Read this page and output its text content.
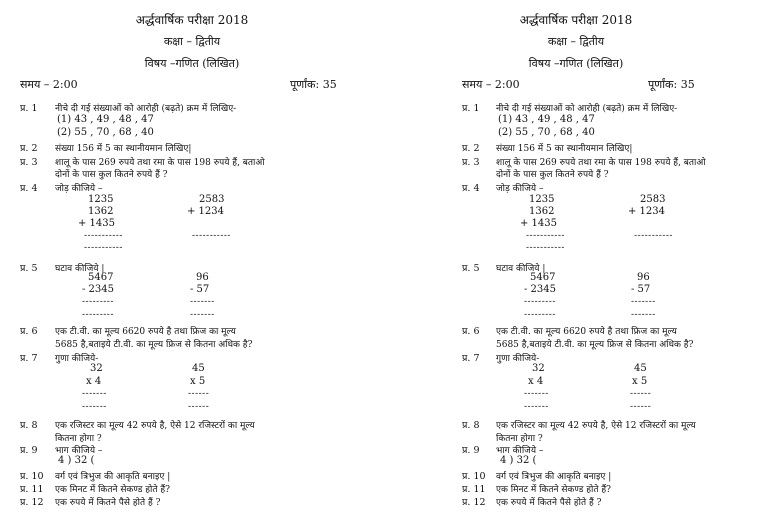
अर्द्धवार्षिक परीक्षा 2018
कक्षा – द्वितीय
विषय –गणित (लिखित)
समय – 2:00	पूर्णांक: 35
प्र. 1 नीचे दी गई संख्याओं को आरोही (बढ़ते) क्रम में लिखिए-
(1) 43 , 49 , 48 , 47
(2) 55 , 70 , 68 , 40
प्र. 2 संख्या 156 में 5 का स्थानीयमान लिखिए|
प्र. 3 शालू के पास 269 रुपये तथा रमा के पास 198 रुपये हैं, बताओ
दोनों के पास कुल कितने रुपये हैं ?
प्र. 4 जोड़ कीजिये –
1235
1362
+ 1435
-----------
-----------
2583
+ 1234
-----------
प्र. 5 घटाव कीजिये |
5467
- 2345
---------
---------
96
- 57
-------
-------
प्र. 6 एक टी.वी. का मूल्य 6620 रुपये है तथा फ्रिज का मूल्य
5685 है,बताइये टी.वी. का मूल्य फ्रिज से कितना अधिक है?
प्र. 7 गुणा कीजिये-
32
x 4
-------
-------
45
x 5
------
------
प्र. 8 एक रजिस्टर का मूल्य 42 रुपये है, ऐसे 12 रजिस्टरों का मूल्य
कितना होगा ?
प्र. 9 भाग कीजिये –
4 ) 32 (
प्र. 10 वर्ग एवं त्रिभुज की आकृति बनाइए |
प्र. 11 एक मिनट में कितने सेकण्ड होते हैं?
प्र. 12 एक रुपये में कितने पैसे होते हैं ?
अर्द्धवार्षिक परीक्षा 2018
कक्षा – द्वितीय
विषय –गणित (लिखित)
समय – 2:00	पूर्णांक: 35
प्र. 1 नीचे दी गई संख्याओं को आरोही (बढ़ते) क्रम में लिखिए-
(1) 43 , 49 , 48 , 47
(2) 55 , 70 , 68 , 40
प्र. 2 संख्या 156 में 5 का स्थानीयमान लिखिए|
प्र. 3 शालू के पास 269 रुपये तथा रमा के पास 198 रुपये हैं, बताओ
दोनों के पास कुल कितने रुपये हैं ?
प्र. 4 जोड़ कीजिये –
1235
1362
+ 1435
-----------
-----------
2583
+ 1234
-----------
प्र. 5 घटाव कीजिये |
5467
- 2345
---------
---------
96
- 57
-------
-------
प्र. 6 एक टी.वी. का मूल्य 6620 रुपये है तथा फ्रिज का मूल्य
5685 है,बताइये टी.वी. का मूल्य फ्रिज से कितना अधिक है?
प्र. 7 गुणा कीजिये-
32
x 4
-------
-------
45
x 5
------
------
प्र. 8 एक रजिस्टर का मूल्य 42 रुपये है, ऐसे 12 रजिस्टरों का मूल्य
कितना होगा ?
प्र. 9 भाग कीजिये –
4 ) 32 (
प्र. 10 वर्ग एवं त्रिभुज की आकृति बनाइए |
प्र. 11 एक मिनट में कितने सेकण्ड होते हैं?
प्र. 12 एक रुपये में कितने पैसे होते हैं ?
